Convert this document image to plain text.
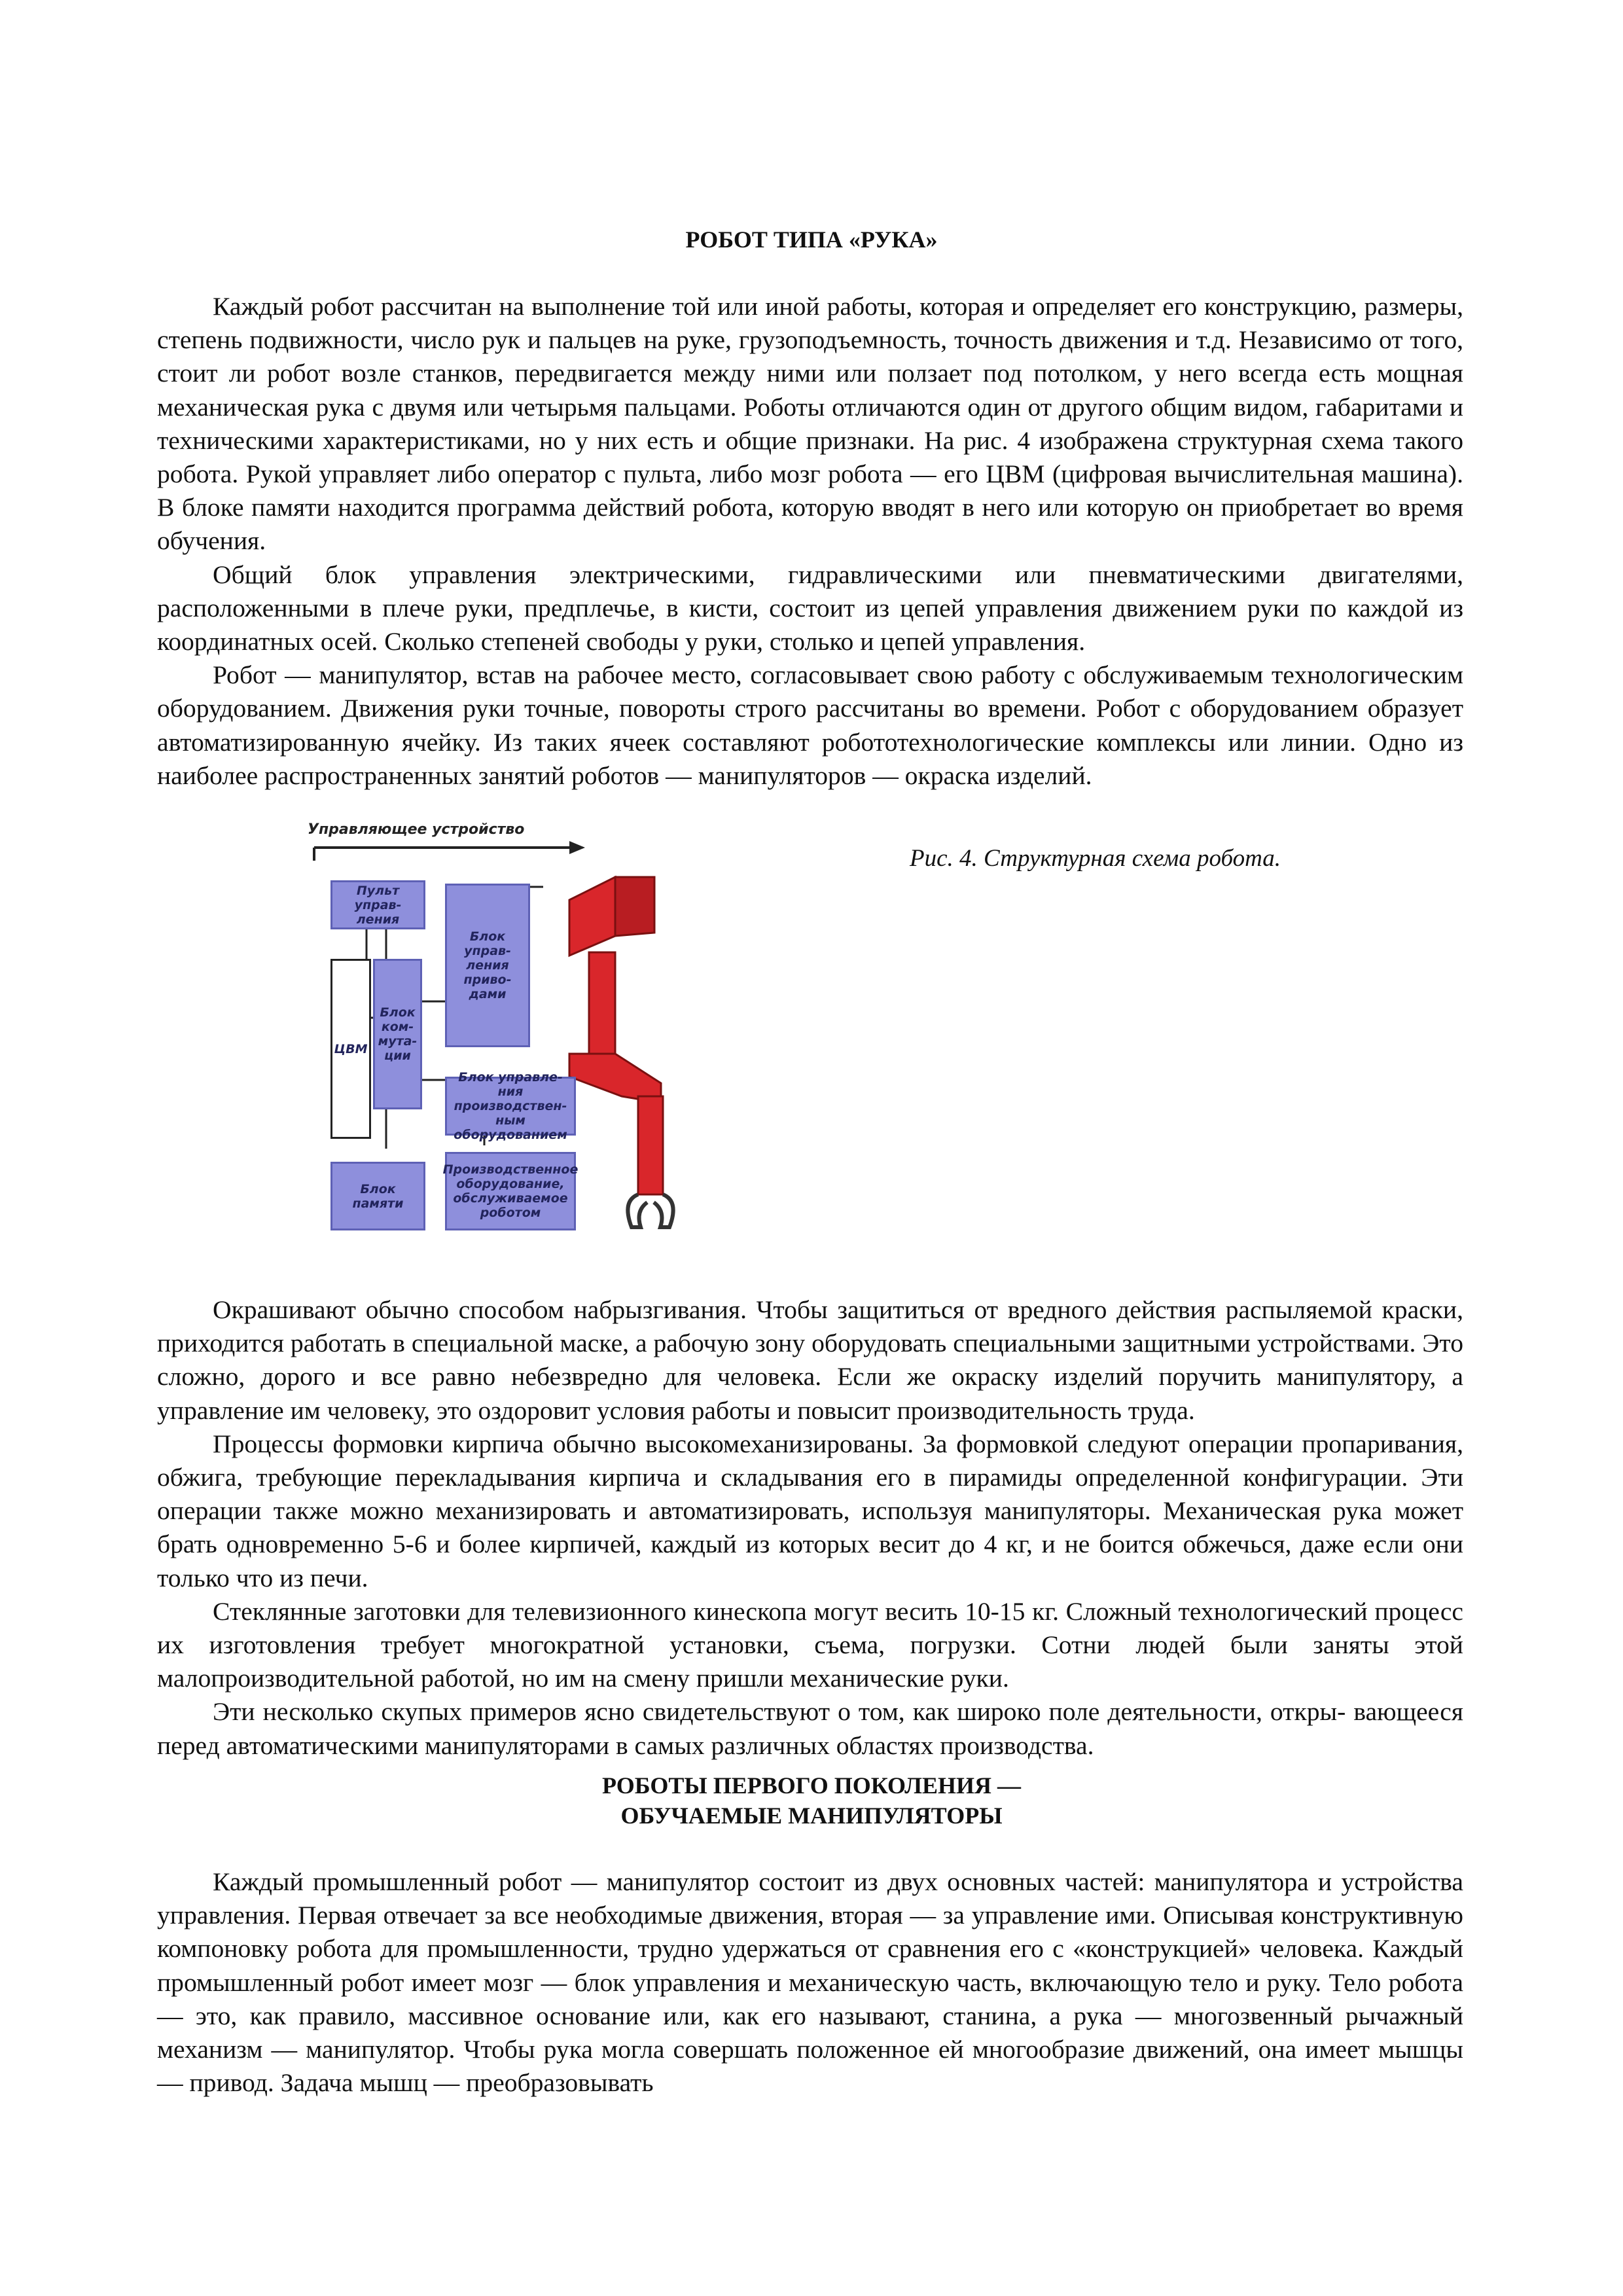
РОБОТ ТИПА «РУКА»

Каждый робот рассчитан на выполнение той или иной работы, которая и определяет его конструкцию, размеры, степень подвижности, число рук и пальцев на руке, грузоподъемность, точность движения и т.д. Независимо от того, стоит ли робот возле станков, передвигается между ними или ползает под потолком, у него всегда есть мощная механическая рука с двумя или четырьмя пальцами. Роботы отличаются один от другого общим видом, габаритами и техническими характеристиками, но у них есть и общие признаки. На рис. 4 изображена структурная схема такого робота. Рукой управляет либо оператор с пульта, либо мозг робота — его ЦВМ (цифровая вычислительная машина). В блоке памяти находится программа действий робота, которую вводят в него или которую он приобретает во время обучения.

Общий блок управления электрическими, гидравлическими или пневматическими двигателями, расположенными в плече руки, предплечье, в кисти, состоит из цепей управления движением руки по каждой из координатных осей. Сколько степеней свободы у руки, столько и цепей управления.

Робот — манипулятор, встав на рабочее место, согласовывает свою работу с обслуживаемым технологическим оборудованием. Движения руки точные, повороты строго рассчитаны во времени. Робот с оборудованием образует автоматизированную ячейку. Из таких ячеек составляют робототехнологические комплексы или линии. Одно из наиболее распространенных занятий роботов — манипуляторов — окраска изделий.

Управляющее устройство
Пульт управ- ления
Блок управ- ления приво- дами
ЦВМ
Блок ком- мута- ции
Блок управле- ния производствен- ным оборудованием
Блок памяти
Производственное оборудование, обслуживаемое роботом

Рис. 4. Структурная схема робота.

Окрашивают обычно способом набрызгивания. Чтобы защититься от вредного действия распыляемой краски, приходится работать в специальной маске, а рабочую зону оборудовать специальными защитными устройствами. Это сложно, дорого и все равно небезвредно для человека. Если же окраску изделий поручить манипулятору, а управление им человеку, это оздоровит условия работы и повысит производительность труда.

Процессы формовки кирпича обычно высокомеханизированы. За формовкой следуют операции пропаривания, обжига, требующие перекладывания кирпича и складывания его в пирамиды определенной конфигурации. Эти операции также можно механизировать и автоматизировать, используя манипуляторы. Механическая рука может брать одновременно 5-6 и более кирпичей, каждый из которых весит до 4 кг, и не боится обжечься, даже если они только что из печи.

Стеклянные заготовки для телевизионного кинескопа могут весить 10-15 кг. Сложный технологический процесс их изготовления требует многократной установки, съема, погрузки. Сотни людей были заняты этой малопроизводительной работой, но им на смену пришли механические руки.

Эти несколько скупых примеров ясно свидетельствуют о том, как широко поле деятельности, откры- вающееся перед автоматическими манипуляторами в самых различных областях производства.

РОБОТЫ ПЕРВОГО ПОКОЛЕНИЯ —
ОБУЧАЕМЫЕ МАНИПУЛЯТОРЫ

Каждый промышленный робот — манипулятор состоит из двух основных частей: манипулятора и устройства управления. Первая отвечает за все необходимые движения, вторая — за управление ими. Описывая конструктивную компоновку робота для промышленности, трудно удержаться от сравнения его с «конструкцией» человека. Каждый промышленный робот имеет мозг — блок управления и механическую часть, включающую тело и руку. Тело робота — это, как правило, массивное основание или, как его называют, станина, а рука — многозвенный рычажный механизм — манипулятор. Чтобы рука могла совершать положенное ей многообразие движений, она имеет мышцы — привод. Задача мышц — преобразовывать
